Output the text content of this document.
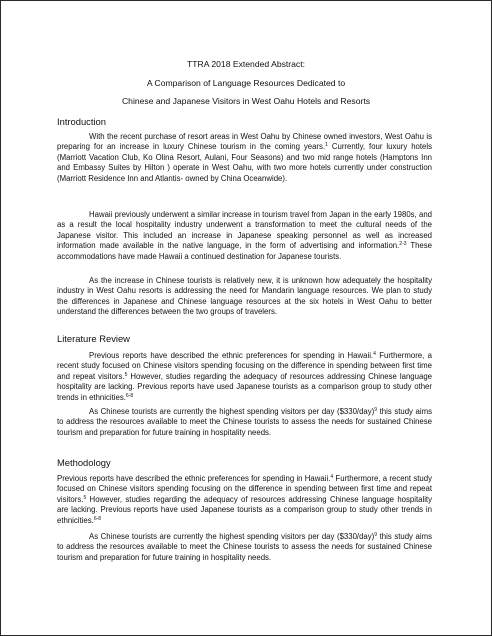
TTRA 2018 Extended Abstract:
A Comparison of Language Resources Dedicated to
Chinese and Japanese Visitors in West Oahu Hotels and Resorts
Introduction

With the recent purchase of resort areas in West Oahu by Chinese owned investors, West Oahu is preparing for an increase in luxury Chinese tourism in the coming years.$^1$ Currently, four luxury hotels (Marriott Vacation Club, Ko Olina Resort, Aulani, Four Seasons) and two mid range hotels (Hamptons Inn and Embassy Suites by Hilton ) operate in West Oahu, with two more hotels currently under construction (Marriott Residence Inn and Atlantis- owned by China Oceanwide).

Hawaii previously underwent a similar increase in tourism travel from Japan in the early 1980s, and as a result the local hospitality industry underwent a transformation to meet the cultural needs of the Japanese visitor. This included an increase in Japanese speaking personnel as well as increased information made available in the native language, in the form of advertising and information.$^{2-3}$ These accommodations have made Hawaii a continued destination for Japanese tourists.

As the increase in Chinese tourists is relatively new, it is unknown how adequately the hospitality industry in West Oahu resorts is addressing the need for Mandarin language resources. We plan to study the differences in Japanese and Chinese language resources at the six hotels in West Oahu to better understand the differences between the two groups of travelers.

Literature Review

Previous reports have described the ethnic preferences for spending in Hawaii.$^4$ Furthermore, a recent study focused on Chinese visitors spending focusing on the difference in spending between first time and repeat visitors.$^5$ However, studies regarding the adequacy of resources addressing Chinese language hospitality are lacking. Previous reports have used Japanese tourists as a comparison group to study other trends in ethnicities.$^{6-8}$

As Chinese tourists are currently the highest spending visitors per day ($330/day)$^9$ this study aims to address the resources available to meet the Chinese tourists to assess the needs for sustained Chinese tourism and preparation for future training in hospitality needs.

Methodology

Previous reports have described the ethnic preferences for spending in Hawaii.$^4$ Furthermore, a recent study focused on Chinese visitors spending focusing on the difference in spending between first time and repeat visitors.$^5$ However, studies regarding the adequacy of resources addressing Chinese language hospitality are lacking. Previous reports have used Japanese tourists as a comparison group to study other trends in ethnicities.$^{6-8}$

As Chinese tourists are currently the highest spending visitors per day ($330/day)$^9$ this study aims to address the resources available to meet the Chinese tourists to assess the needs for sustained Chinese tourism and preparation for future training in hospitality needs.
